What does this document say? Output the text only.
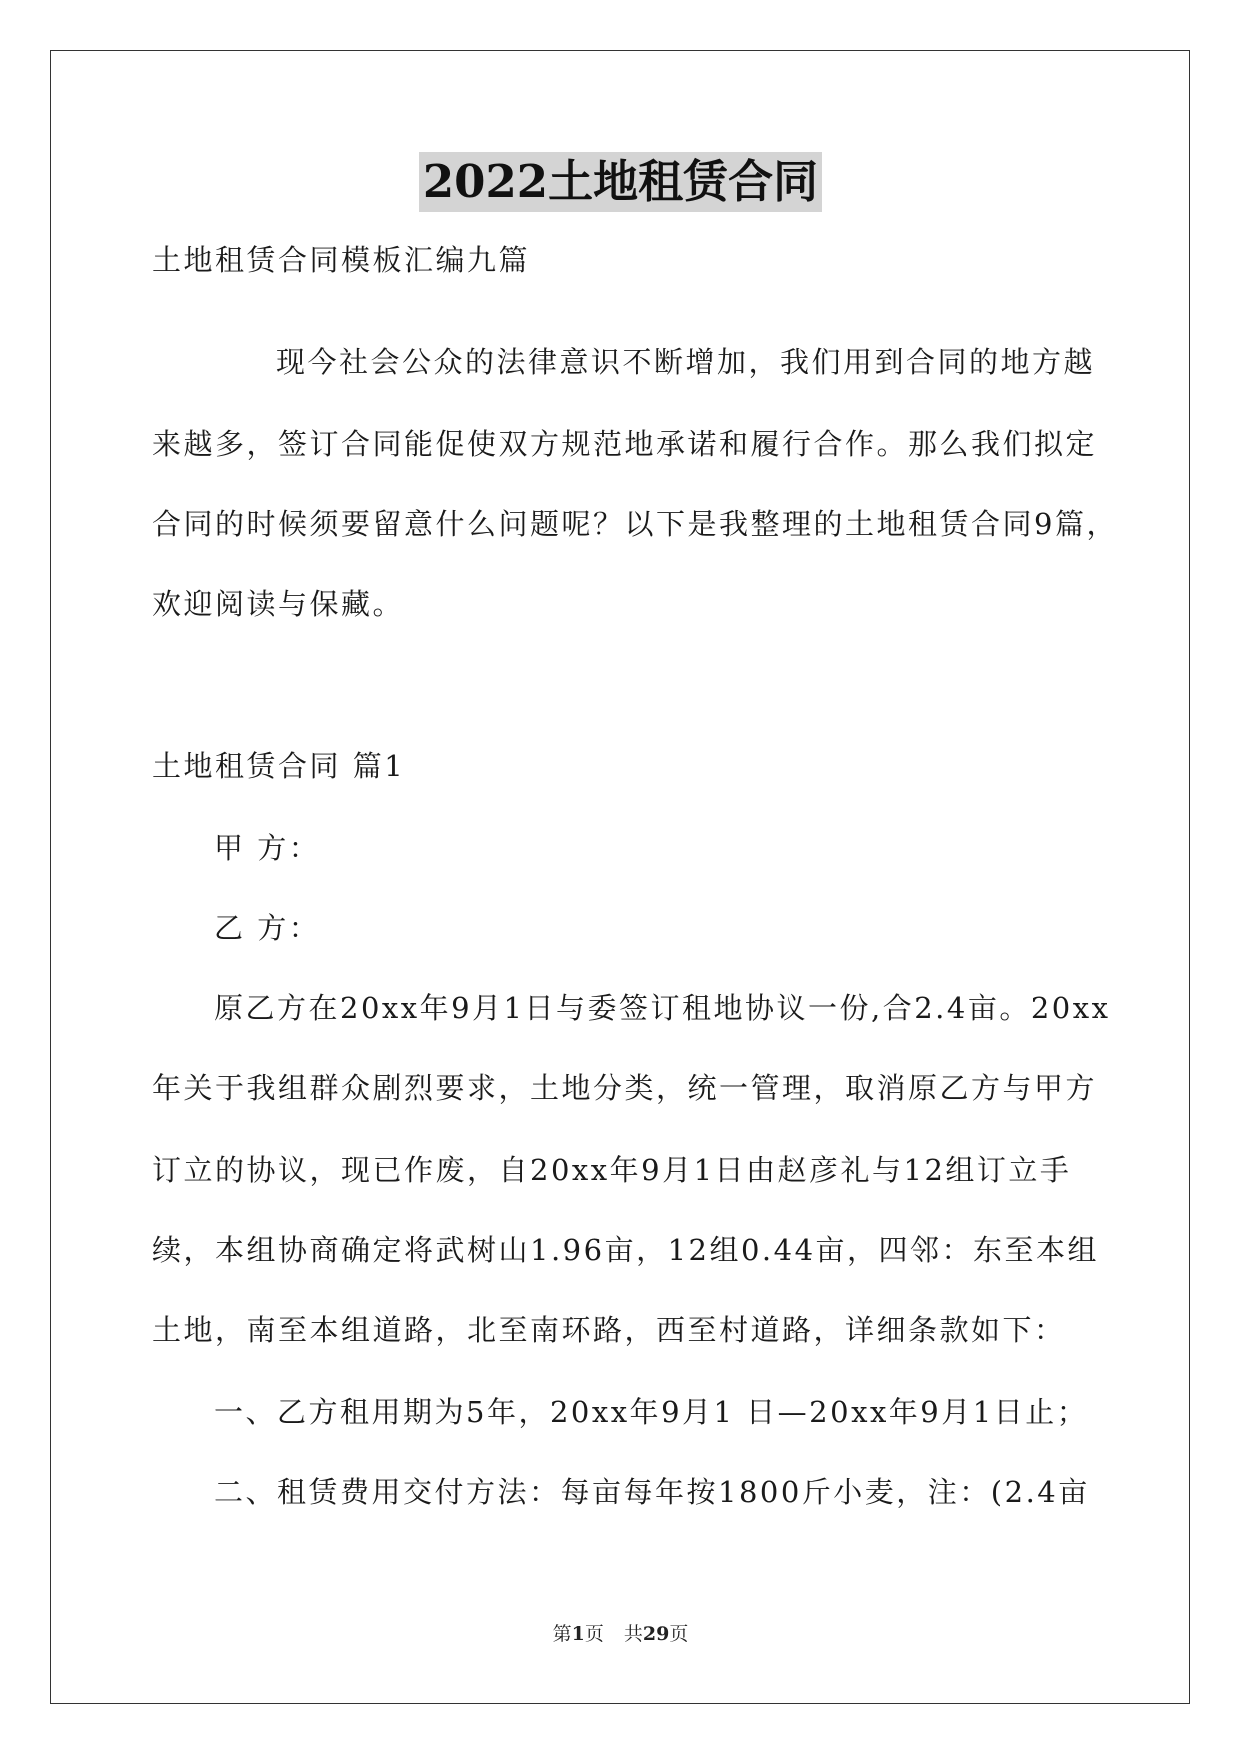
2022土地租赁合同
土地租赁合同模板汇编九篇
现今社会公众的法律意识不断增加，我们用到合同的地方越
来越多，签订合同能促使双方规范地承诺和履行合作。那么我们拟定
合同的时候须要留意什么问题呢？以下是我整理的土地租赁合同9篇，
欢迎阅读与保藏。
土地租赁合同 篇1
甲 方：
乙 方：
原乙方在20xx年9月1日与委签订租地协议一份,合2.4亩。20xx
年关于我组群众剧烈要求，土地分类，统一管理，取消原乙方与甲方
订立的协议，现已作废，自20xx年9月1日由赵彦礼与12组订立手
续，本组协商确定将武树山1.96亩，12组0.44亩，四邻：东至本组
土地，南至本组道路，北至南环路，西至村道路，详细条款如下：
一、乙方租用期为5年，20xx年9月1 日—20xx年9月1日止；
二、租赁费用交付方法：每亩每年按1800斤小麦，注：(2.4亩
第1页 共29页
